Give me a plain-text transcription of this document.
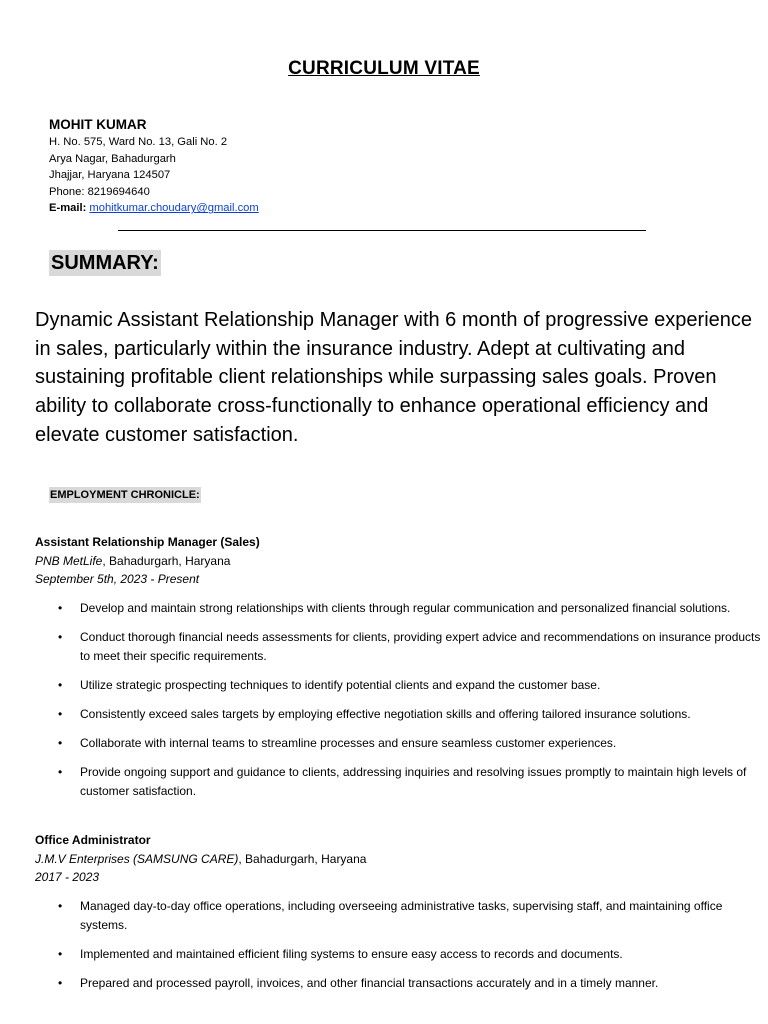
CURRICULUM VITAE
MOHIT KUMAR
H. No. 575, Ward No. 13, Gali No. 2
Arya Nagar, Bahadurgarh
Jhajjar, Haryana 124507
Phone: 8219694640
E-mail: mohitkumar.choudary@gmail.com
SUMMARY:
Dynamic Assistant Relationship Manager with 6 month of progressive experience in sales, particularly within the insurance industry. Adept at cultivating and sustaining profitable client relationships while surpassing sales goals. Proven ability to collaborate cross-functionally to enhance operational efficiency and elevate customer satisfaction.
EMPLOYMENT CHRONICLE:
Assistant Relationship Manager (Sales)
PNB MetLife, Bahadurgarh, Haryana
September 5th, 2023 - Present
• Develop and maintain strong relationships with clients through regular communication and personalized financial solutions.
• Conduct thorough financial needs assessments for clients, providing expert advice and recommendations on insurance products to meet their specific requirements.
• Utilize strategic prospecting techniques to identify potential clients and expand the customer base.
• Consistently exceed sales targets by employing effective negotiation skills and offering tailored insurance solutions.
• Collaborate with internal teams to streamline processes and ensure seamless customer experiences.
• Provide ongoing support and guidance to clients, addressing inquiries and resolving issues promptly to maintain high levels of customer satisfaction.
Office Administrator
J.M.V Enterprises (SAMSUNG CARE), Bahadurgarh, Haryana
2017 - 2023
• Managed day-to-day office operations, including overseeing administrative tasks, supervising staff, and maintaining office systems.
• Implemented and maintained efficient filing systems to ensure easy access to records and documents.
• Prepared and processed payroll, invoices, and other financial transactions accurately and in a timely manner.
